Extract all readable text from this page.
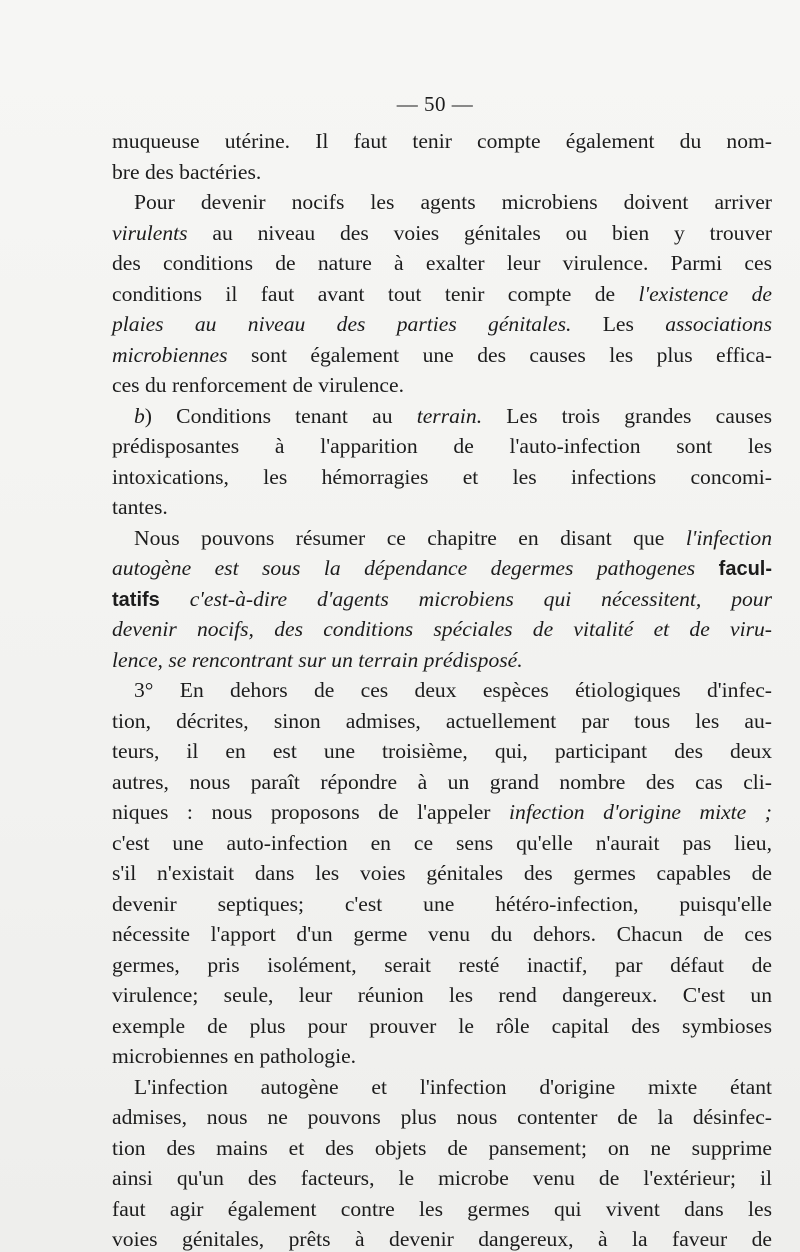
— 50 —
muqueuse utérine. Il faut tenir compte également du nom-
bre des bactéries.
Pour devenir nocifs les agents microbiens doivent arriver
virulents au niveau des voies génitales ou bien y trouver
des conditions de nature à exalter leur virulence. Parmi ces
conditions il faut avant tout tenir compte de l'existence de
plaies au niveau des parties génitales. Les associations
microbiennes sont également une des causes les plus effica-
ces du renforcement de virulence.
b) Conditions tenant au terrain. Les trois grandes causes
prédisposantes à l'apparition de l'auto-infection sont les
intoxications, les hémorragies et les infections concomi-
tantes.
Nous pouvons résumer ce chapitre en disant que l'infection
autogène est sous la dépendance degermes pathogenes facul-
tatifs c'est-à-dire d'agents microbiens qui nécessitent, pour
devenir nocifs, des conditions spéciales de vitalité et de viru-
lence, se rencontrant sur un terrain prédisposé.
3° En dehors de ces deux espèces étiologiques d'infec-
tion, décrites, sinon admises, actuellement par tous les au-
teurs, il en est une troisième, qui, participant des deux
autres, nous paraît répondre à un grand nombre des cas cli-
niques : nous proposons de l'appeler infection d'origine mixte ;
c'est une auto-infection en ce sens qu'elle n'aurait pas lieu,
s'il n'existait dans les voies génitales des germes capables de
devenir septiques; c'est une hétéro-infection, puisqu'elle
nécessite l'apport d'un germe venu du dehors. Chacun de ces
germes, pris isolément, serait resté inactif, par défaut de
virulence; seule, leur réunion les rend dangereux. C'est un
exemple de plus pour prouver le rôle capital des symbioses
microbiennes en pathologie.
L'infection autogène et l'infection d'origine mixte étant
admises, nous ne pouvons plus nous contenter de la désinfec-
tion des mains et des objets de pansement; on ne supprime
ainsi qu'un des facteurs, le microbe venu de l'extérieur; il
faut agir également contre les germes qui vivent dans les
voies génitales, prêts à devenir dangereux, à la faveur de
